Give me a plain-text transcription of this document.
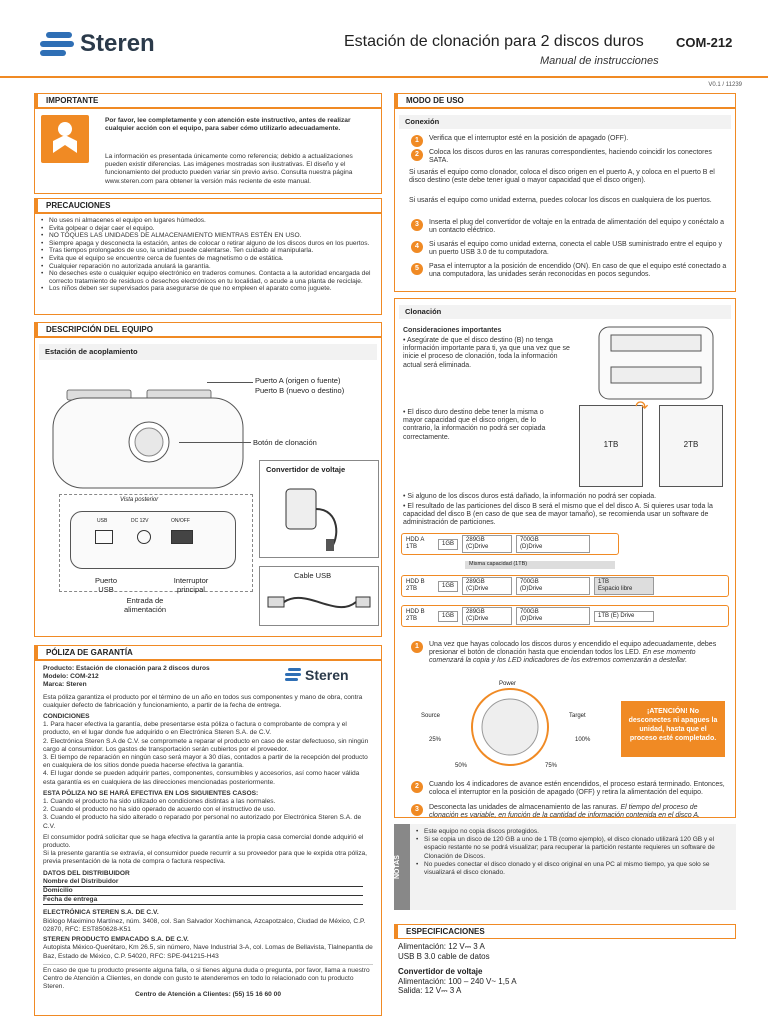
Steren	Estación de clonación para 2 discos duros COM-212
Manual de instrucciones
V0.1 / 11239
IMPORTANTE
Por favor, lee completamente y con atención este instructivo, antes de realizar cualquier acción con el equipo, para saber cómo utilizarlo adecuadamente.
La información es presentada únicamente como referencia; debido a actualizaciones pueden existir diferencias. Las imágenes mostradas son ilustrativas. El diseño y el funcionamiento del producto pueden variar sin previo aviso. Consulta nuestra página www.steren.com para obtener la versión más reciente de este manual.
PRECAUCIONES
• No uses ni almacenes el equipo en lugares húmedos.
• Evita golpear o dejar caer el equipo.
• NO TOQUES LAS UNIDADES DE ALMACENAMIENTO MIENTRAS ESTÉN EN USO.
• Siempre apaga y desconecta la estación, antes de colocar o retirar alguno de los discos duros en los puertos.
• Tras tiempos prolongados de uso, la unidad puede calentarse. Ten cuidado al manipularla.
• Evita que el equipo se encuentre cerca de fuentes de magnetismo o de estática.
• Cualquier reparación no autorizada anulará la garantía.
• No deseches este o cualquier equipo electrónico en traderos comunes. Contacta a la autoridad encargada del correcto tratamiento de residuos o desechos electrónicos en tu localidad, o acude a una planta de reciclaje.
• Los niños deben ser supervisados para asegurarse de que no empleen el aparato como juguete.
DESCRIPCIÓN DEL EQUIPO
Estación de acoplamiento
Puerto A (origen o fuente)
Puerto B (nuevo o destino)
Botón de clonación
Vista posterior
USB	DC 12V	ON/OFF
Puerto USB
Entrada de alimentación
Interruptor principal
Convertidor de voltaje
Cable USB
PÓLIZA DE GARANTÍA
Steren
Producto: Estación de clonación para 2 discos duros
Modelo: COM-212
Marca: Steren
Esta póliza garantiza el producto por el término de un año en todos sus componentes y mano de obra, contra cualquier defecto de fabricación y funcionamiento, a partir de la fecha de entrega.
CONDICIONES
1. Para hacer efectiva la garantía, debe presentarse esta póliza o factura o comprobante de compra y el producto, en el lugar donde fue adquirido o en Electrónica Steren S.A. de C.V.
2. Electrónica Steren S.A de C.V. se compromete a reparar el producto en caso de estar defectuoso, sin ningún cargo al consumidor. Los gastos de transportación serán cubiertos por el proveedor.
3. El tiempo de reparación en ningún caso será mayor a 30 días, contados a partir de la recepción del producto en cualquiera de los sitios donde pueda hacerse efectiva la garantía.
4. El lugar donde se pueden adquirir partes, componentes, consumibles y accesorios, así como hacer válida esta garantía es en cualquiera de las direcciones mencionadas posteriormente.
ESTA PÓLIZA NO SE HARÁ EFECTIVA EN LOS SIGUIENTES CASOS:
1. Cuando el producto ha sido utilizado en condiciones distintas a las normales.
2. Cuando el producto no ha sido operado de acuerdo con el instructivo de uso.
3. Cuando el producto ha sido alterado o reparado por personal no autorizado por Electrónica Steren S.A. de C.V.
El consumidor podrá solicitar que se haga efectiva la garantía ante la propia casa comercial donde adquirió el producto.
Si la presente garantía se extravía, el consumidor puede recurrir a su proveedor para que le expida otra póliza, previa presentación de la nota de compra o factura respectiva.
DATOS DEL DISTRIBUIDOR
Nombre del Distribuidor
Domicilio
Fecha de entrega
ELECTRÓNICA STEREN S.A. DE C.V.
Biólogo Maximino Martínez, núm. 3408, col. San Salvador Xochimanca, Azcapotzalco, Ciudad de México, C.P. 02870, RFC: EST850628-K51
STEREN PRODUCTO EMPACADO S.A. DE C.V.
Autopista México-Querétaro, Km 26.5, sin número, Nave Industrial 3-A, col. Lomas de Bellavista, Tlalnepantla de Baz, Estado de México, C.P. 54020, RFC: SPE-941215-H43
En caso de que tu producto presente alguna falla, o si tienes alguna duda o pregunta, por favor, llama a nuestro Centro de Atención a Clientes, en donde con gusto te atenderemos en todo lo relacionado con tu producto Steren.
Centro de Atención a Clientes: (55) 15 16 60 00
MODO DE USO
Conexión
1	Verifica que el interruptor esté en la posición de apagado (OFF).
2	Coloca los discos duros en las ranuras correspondientes, haciendo coincidir los conectores SATA.
Si usarás el equipo como clonador, coloca el disco origen en el puerto A, y coloca en el puerto B el disco destino (este debe tener igual o mayor capacidad que el disco origen).
Si usarás el equipo como unidad externa, puedes colocar los discos en cualquiera de los puertos.
3	Inserta el plug del convertidor de voltaje en la entrada de alimentación del equipo y conéctalo a un contacto eléctrico.
4	Si usarás el equipo como unidad externa, conecta el cable USB suministrado entre el equipo y un puerto USB 3.0 de tu computadora.
5	Pasa el interruptor a la posición de encendido (ON). En caso de que el equipo esté conectado a una computadora, las unidades serán reconocidas en pocos segundos.
Clonación
Consideraciones importantes
• Asegúrate de que el disco destino (B) no tenga información importante para ti, ya que una vez que se inicie el proceso de clonación, toda la información actual será eliminada.
• El disco duro destino debe tener la misma o mayor capacidad que el disco origen, de lo contrario, la información no podrá ser copiada correctamente.
1TB	2TB
↷
• Si alguno de los discos duros está dañado, la información no podrá ser copiada.
• El resultado de las particiones del disco B será el mismo que el del disco A. Si quieres usar toda la capacidad del disco B (en caso de que sea de mayor tamaño), se recomienda usar un software de administración de particiones.
HDD A
1TB
1GB
289GB
(C)Drive
700GB
(D)Drive
Misma capacidad (1TB)
HDD B
2TB
1GB
289GB
(C)Drive
700GB
(D)Drive
1TB
Espacio libre
HDD B
2TB
1GB
289GB
(C)Drive
700GB
(D)Drive
1TB (E) Drive
1	Una vez que hayas colocado los discos duros y encendido el equipo adecuadamente, debes presionar el botón de clonación hasta que enciendan todos los LED. En ese momento comenzará la copia y los LED indicadores de los extremos comenzarán a destellar.
Power
Source	Target
25%
50%	75%
100%
¡ATENCIÓN! No desconectes ni apagues la unidad, hasta que el proceso esté completado.
2	Cuando los 4 indicadores de avance estén encendidos, el proceso estará terminado. Entonces, coloca el interruptor en la posición de apagado (OFF) y retira la alimentación del equipo.
3	Desconecta las unidades de almacenamiento de las ranuras. El tiempo del proceso de clonación es variable, en función de la cantidad de información contenida en el disco A.
NOTAS
• Este equipo no copia discos protegidos.
• Si se copia un disco de 120 GB a uno de 1 TB (como ejemplo), el disco clonado utilizará 120 GB y el espacio restante no se podrá visualizar; para recuperar la partición restante requieres un software de Clonación de Discos.
• No puedes conectar el disco clonado y el disco original en una PC al mismo tiempo, ya que solo se visualizará el disco clonado.
ESPECIFICACIONES
Alimentación: 12 V⎓ 3 A
USB B 3.0 cable de datos
Convertidor de voltaje
Alimentación: 100 – 240 V~ 1,5 A
Salida: 12 V⎓ 3 A
